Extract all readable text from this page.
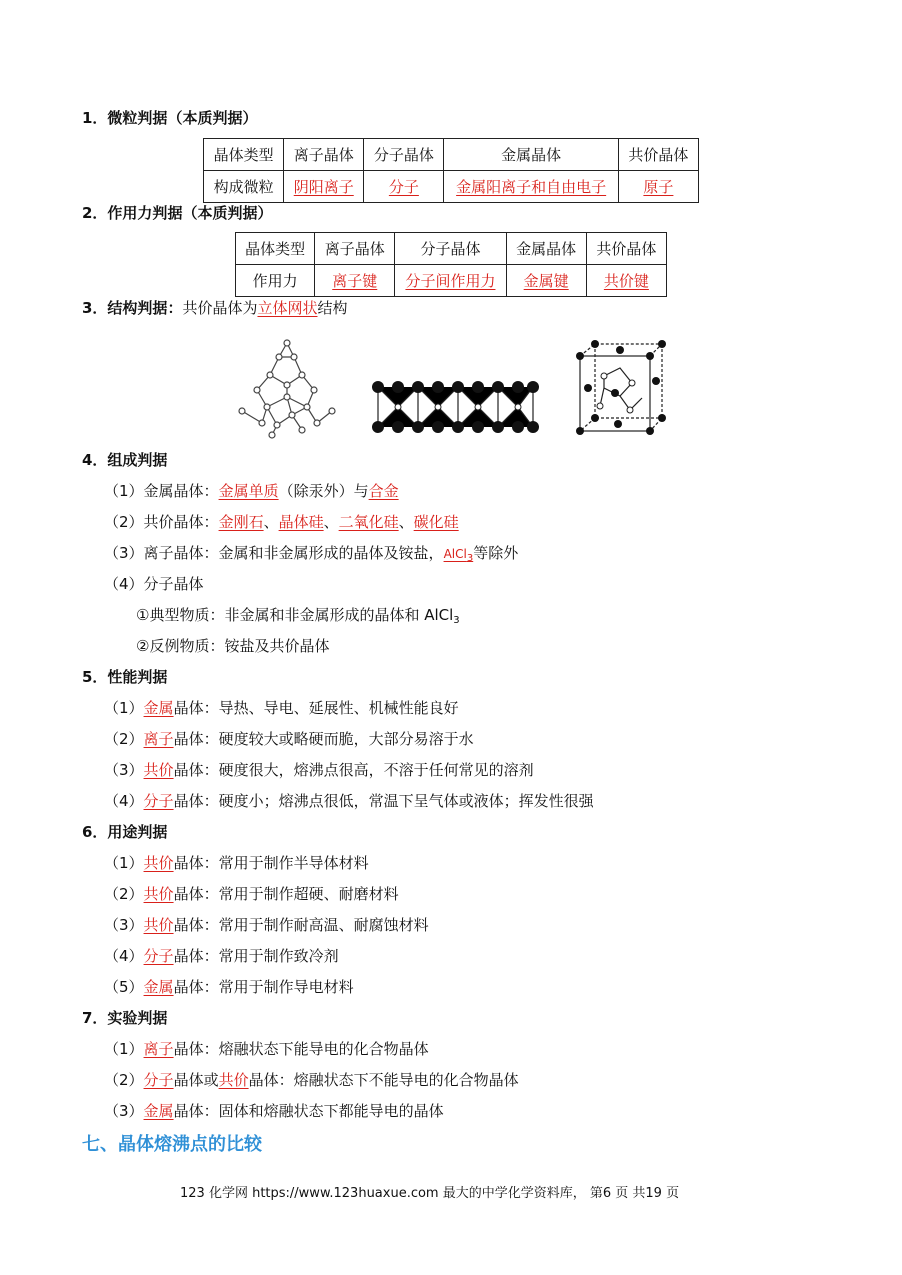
1．微粒判据（本质判据）
晶体类型	离子晶体	分子晶体	金属晶体	共价晶体
构成微粒	阴阳离子	分子	金属阳离子和自由电子	原子
2．作用力判据（本质判据）
晶体类型	离子晶体	分子晶体	金属晶体	共价晶体
作用力	离子键	分子间作用力	金属键	共价键
3．结构判据：共价晶体为立体网状结构
4．组成判据
（1）金属晶体：金属单质（除汞外）与合金
（2）共价晶体：金刚石、晶体硅、二氧化硅、碳化硅
（3）离子晶体：金属和非金属形成的晶体及铵盐，AlCl$_3$等除外
（4）分子晶体
①典型物质：非金属和非金属形成的晶体和 AlCl$_3$
②反例物质：铵盐及共价晶体
5．性能判据
（1）金属晶体：导热、导电、延展性、机械性能良好
（2）离子晶体：硬度较大或略硬而脆，大部分易溶于水
（3）共价晶体：硬度很大，熔沸点很高，不溶于任何常见的溶剂
（4）分子晶体：硬度小；熔沸点很低，常温下呈气体或液体；挥发性很强
6．用途判据
（1）共价晶体：常用于制作半导体材料
（2）共价晶体：常用于制作超硬、耐磨材料
（3）共价晶体：常用于制作耐高温、耐腐蚀材料
（4）分子晶体：常用于制作致冷剂
（5）金属晶体：常用于制作导电材料
7．实验判据
（1）离子晶体：熔融状态下能导电的化合物晶体
（2）分子晶体或共价晶体：熔融状态下不能导电的化合物晶体
（3）金属晶体：固体和熔融状态下都能导电的晶体
七、晶体熔沸点的比较
123 化学网 https://www.123huaxue.com 最大的中学化学资料库， 第6 页 共19 页
